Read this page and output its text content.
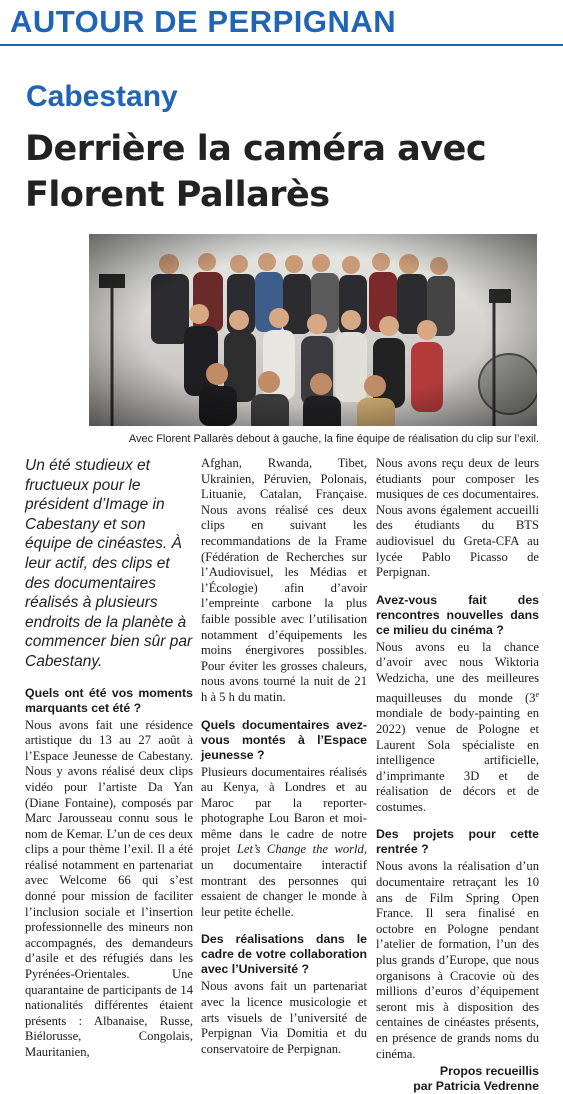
AUTOUR DE PERPIGNAN
Cabestany
Derrière la caméra avec Florent Pallarès
Avec Florent Pallarès debout à gauche, la fine équipe de réalisation du clip sur l’exil.

Un été studieux et fructueux pour le président d’Image in Cabestany et son équipe de cinéastes. À leur actif, des clips et des documentaires réalisés à plusieurs endroits de la planète à commencer bien sûr par Cabestany.

Quels ont été vos moments marquants cet été ?

Nous avons fait une résidence artistique du 13 au 27 août à l’Espace Jeunesse de Cabestany. Nous y avons réalisé deux clips vidéo pour l’artiste Da Yan (Diane Fontaine), composés par Marc Jarousseau connu sous le nom de Kemar. L’un de ces deux clips a pour thème l’exil. Il a été réalisé notamment en partenariat avec Welcome 66 qui s’est donné pour mission de faciliter l’inclusion sociale et l’insertion professionnelle des mineurs non accompagnés, des demandeurs d’asile et des réfugiés dans les Pyrénées-Orientales. Une quarantaine de participants de 14 nationalités différentes étaient présents : Albanaise, Russe, Biélorusse, Congolais, Mauritanien,

Afghan, Rwanda, Tibet, Ukrainien, Péruvien, Polonais, Lituanie, Catalan, Française. Nous avons réalisé ces deux clips en suivant les recommandations de la Frame (Fédération de Recherches sur l’Audiovisuel, les Médias et l’Écologie) afin d’avoir l’empreinte carbone la plus faible possible avec l’utilisation notamment d’équipements les moins énergivores possibles. Pour éviter les grosses chaleurs, nous avons tourné la nuit de 21 h à 5 h du matin.

Quels documentaires avez-vous montés à l’Espace jeunesse ?

Plusieurs documentaires réalisés au Kenya, à Londres et au Maroc par la reporter-photographe Lou Baron et moi-même dans le cadre de notre projet Let’s Change the world, un documentaire interactif montrant des personnes qui essaient de changer le monde à leur petite échelle.

Des réalisations dans le cadre de votre collaboration avec l’Université ?

Nous avons fait un partenariat avec la licence musicologie et arts visuels de l’université de Perpignan Via Domitia et du conservatoire de Perpignan.

Nous avons reçu deux de leurs étudiants pour composer les musiques de ces documentaires. Nous avons également accueilli des étudiants du BTS audiovisuel du Greta-CFA au lycée Pablo Picasso de Perpignan.

Avez-vous fait des rencontres nouvelles dans ce milieu du cinéma ?

Nous avons eu la chance d’avoir avec nous Wiktoria Wedzicha, une des meilleures maquilleuses du monde (3e mondiale de body-painting en 2022) venue de Pologne et Laurent Sola spécialiste en intelligence artificielle, d’imprimante 3D et de réalisation de décors et de costumes.

Des projets pour cette rentrée ?

Nous avons la réalisation d’un documentaire retraçant les 10 ans de Film Spring Open France. Il sera finalisé en octobre en Pologne pendant l’atelier de formation, l’un des plus grands d’Europe, que nous organisons à Cracovie où des millions d’euros d’équipement seront mis à disposition des centaines de cinéastes présents, en présence de grands noms du cinéma.

Propos recueillis
par Patricia Vedrenne
